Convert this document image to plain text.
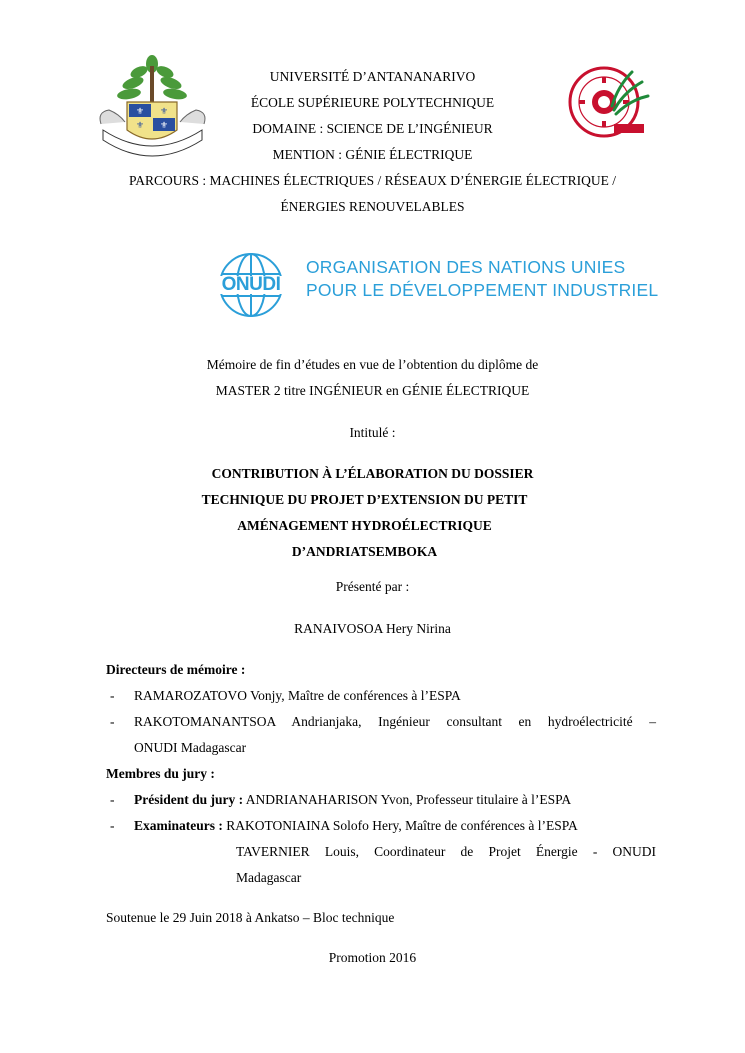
⚜ ⚜
⚜ ⚜
UNIVERSITÉ D’ANTANANARIVO
ÉCOLE SUPÉRIEURE POLYTECHNIQUE
DOMAINE : SCIENCE DE L’INGÉNIEUR
MENTION : GÉNIE ÉLECTRIQUE
PARCOURS : MACHINES ÉLECTRIQUES / RÉSEAUX D’ÉNERGIE ÉLECTRIQUE /
ÉNERGIES RENOUVELABLES
ONUDI
ORGANISATION DES NATIONS UNIES
POUR LE DÉVELOPPEMENT INDUSTRIEL
Mémoire de fin d’études en vue de l’obtention du diplôme de
MASTER 2 titre INGÉNIEUR en GÉNIE ÉLECTRIQUE
Intitulé :
CONTRIBUTION À L’ÉLABORATION DU DOSSIER
TECHNIQUE DU PROJET D’EXTENSION DU PETIT
AMÉNAGEMENT HYDROÉLECTRIQUE
D’ANDRIATSEMBOKA
Présenté par :
RANAIVOSOA Hery Nirina
Directeurs de mémoire :
- RAMAROZATOVO Vonjy, Maître de conférences à l’ESPA
- RAKOTOMANANTSOA Andrianjaka, Ingénieur consultant en hydroélectricité –
ONUDI Madagascar
Membres du jury :
- Président du jury : ANDRIANAHARISON Yvon, Professeur titulaire à l’ESPA
- Examinateurs : RAKOTONIAINA Solofo Hery, Maître de conférences à l’ESPA
TAVERNIER Louis, Coordinateur de Projet Énergie - ONUDI
Madagascar
Soutenue le 29 Juin 2018 à Ankatso – Bloc technique
Promotion 2016
